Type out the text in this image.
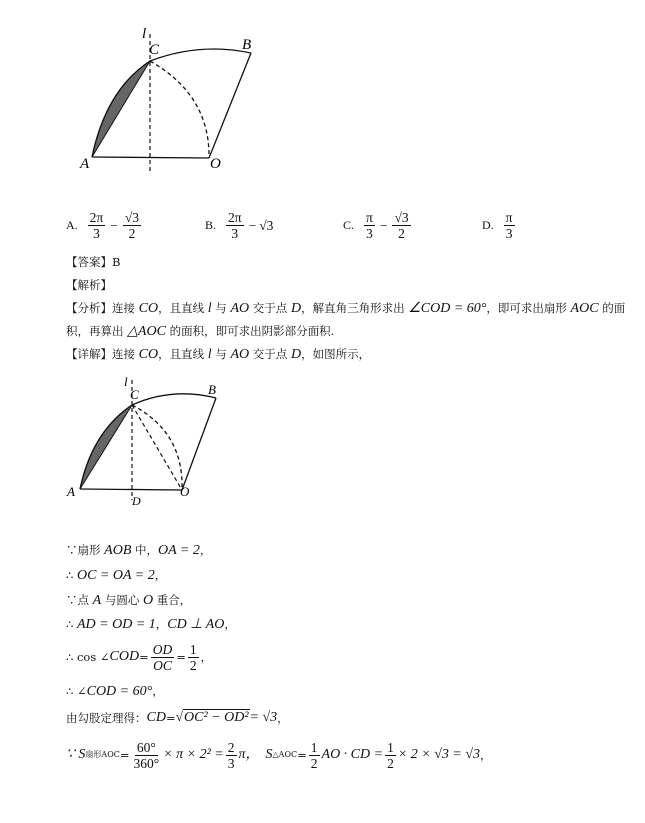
l
C	B
A	O
A. $\frac{2\pi}{3} - \frac{√3}{2}$	B. $\frac{2\pi}{3} - √3$	C. $\frac{\pi}{3} - \frac{√3}{2}$	D. $\frac{\pi}{3}$
【答案】B
【解析】
【分析】连接 CO，且直线 l 与 AO 交于点 D，解直角三角形求出 ∠COD = 60°，即可求出扇形 AOC 的面
积，再算出 △AOC 的面积，即可求出阴影部分面积.
【详解】连接 CO，且直线 l 与 AO 交于点 D，如图所示，
l
C	B
A	O
D
∵扇形 AOB 中，OA = 2，
∴ OC = OA = 2，
∵点 A 与圆心 O 重合，
∴ AD = OD = 1，CD ⊥ AO，
∴ cos ∠ COD = $\frac{OD}{OC} = \frac{1}{2}$ ，
∴ ∠COD = 60°，
由勾股定理得： CD = √OC² − OD² = √3 ，
∵ S 扇形AOC = $\frac{60^\circ}{360^\circ} \times \pi \times 2^2 = \frac{2}{3}$ π， S △AOC = $\frac{1}{2}$ AO · CD = $\frac{1}{2} \times 2 \times √3 = √3$ ，
